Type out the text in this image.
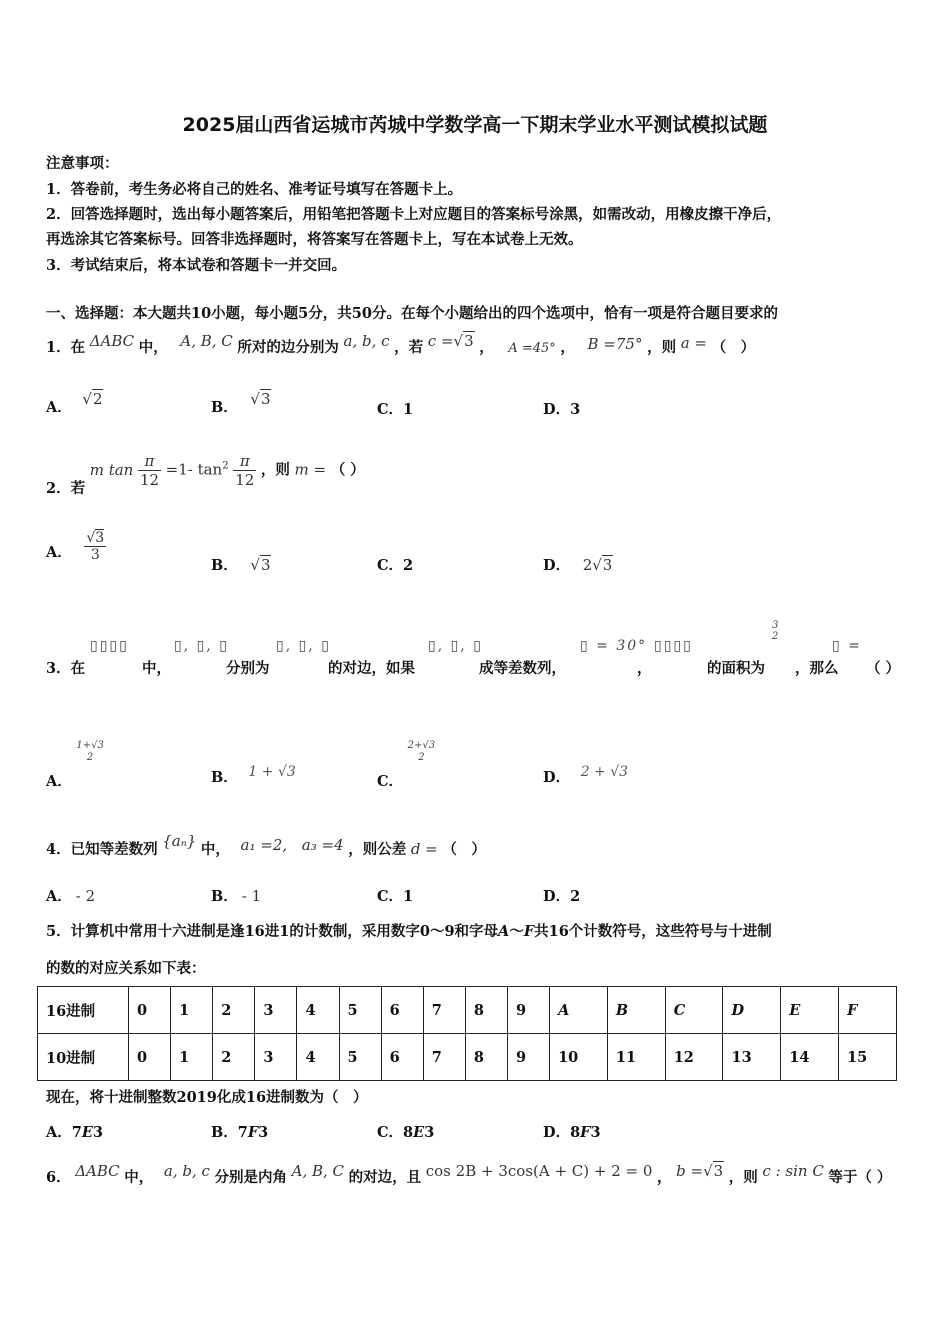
2025届山西省运城市芮城中学数学高一下期末学业水平测试模拟试题
注意事项：
1．答卷前，考生务必将自己的姓名、准考证号填写在答题卡上。
2．回答选择题时，选出每小题答案后，用铅笔把答题卡上对应题目的答案标号涂黑，如需改动，用橡皮擦干净后，
再选涂其它答案标号。回答非选择题时，将答案写在答题卡上，写在本试卷上无效。
3．考试结束后，将本试卷和答题卡一并交回。
一、选择题：本大题共10小题，每小题5分，共50分。在每个小题给出的四个选项中，恰有一项是符合题目要求的
1．在 ΔABC 中， A, B, C 所对的边分别为 a, b, c ，若 c =√3 ， A =45° ， B =75° ，则 a = （　）
A． √2	B． √3
C．1	D．3
2．若 m $\tan \frac{\pi}{12} =1-$ $\tan^2 \frac{\pi}{12}$ ，则 m = （ ）
A． $\frac{√3}{3}$
B． √3	C．2	D． 2√3
▯▯▯▯	▯, ▯, ▯	▯, ▯, ▯	▯, ▯, ▯	▯ = 30° ▯▯▯▯
3
2
▯ =
3．在	中，	分别为	的对边，如果	成等差数列，	，	的面积为 ，那么 （ ）
A．
1+√3
2
B． 1 + √3
C．
2+√3
2
D． 2 + √3
4．已知等差数列 {aₙ} 中， a₁ =2, a₃ =4 ，则公差 d = （　）
A． - 2	B． - 1	C．1	D．2
5．计算机中常用十六进制是逢16进1的计数制，采用数字0～9和字母A～F共16个计数符号，这些符号与十进制
的数的对应关系如下表：
16进制	0	1	2	3	4	5	6	7	8	9	A	B	C	D	E	F
10进制	0	1	2	3	4	5	6	7	8	9	10	11	12	13	14	15
现在，将十进制整数2019化成16进制数为（　）
A．7E3	B．7F3	C．8E3	D．8F3
6． ΔABC 中， a, b, c 分别是内角 A, B, C 的对边，且 cos 2B + 3cos(A + C) + 2 = 0 ， b =√3 ，则 c : sin C 等于（ ）
